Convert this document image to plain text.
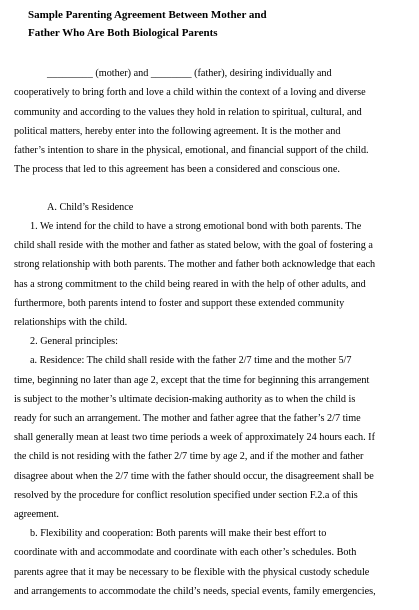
Sample Parenting Agreement Between Mother and
Father Who Are Both Biological Parents
_________ (mother) and ________ (father), desiring individually and
cooperatively to bring forth and love a child within the context of a loving and diverse
community and according to the values they hold in relation to spiritual, cultural, and
political matters, hereby enter into the following agreement. It is the mother and
father’s intention to share in the physical, emotional, and financial support of the child.
The process that led to this agreement has been a considered and conscious one.
A. Child’s Residence
1. We intend for the child to have a strong emotional bond with both parents. The
child shall reside with the mother and father as stated below, with the goal of fostering a
strong relationship with both parents. The mother and father both acknowledge that each
has a strong commitment to the child being reared in with the help of other adults, and
furthermore, both parents intend to foster and support these extended community
relationships with the child.
2. General principles:
a. Residence: The child shall reside with the father 2/7 time and the mother 5/7
time, beginning no later than age 2, except that the time for beginning this arrangement
is subject to the mother’s ultimate decision-making authority as to when the child is
ready for such an arrangement. The mother and father agree that the father’s 2/7 time
shall generally mean at least two time periods a week of approximately 24 hours each. If
the child is not residing with the father 2/7 time by age 2, and if the mother and father
disagree about when the 2/7 time with the father should occur, the disagreement shall be
resolved by the procedure for conflict resolution specified under section F.2.a of this
agreement.
b. Flexibility and cooperation: Both parents will make their best effort to
coordinate with and accommodate and coordinate with each other’s schedules. Both
parents agree that it may be necessary to be flexible with the physical custody schedule
and arrangements to accommodate the child’s needs, special events, family emergencies,
